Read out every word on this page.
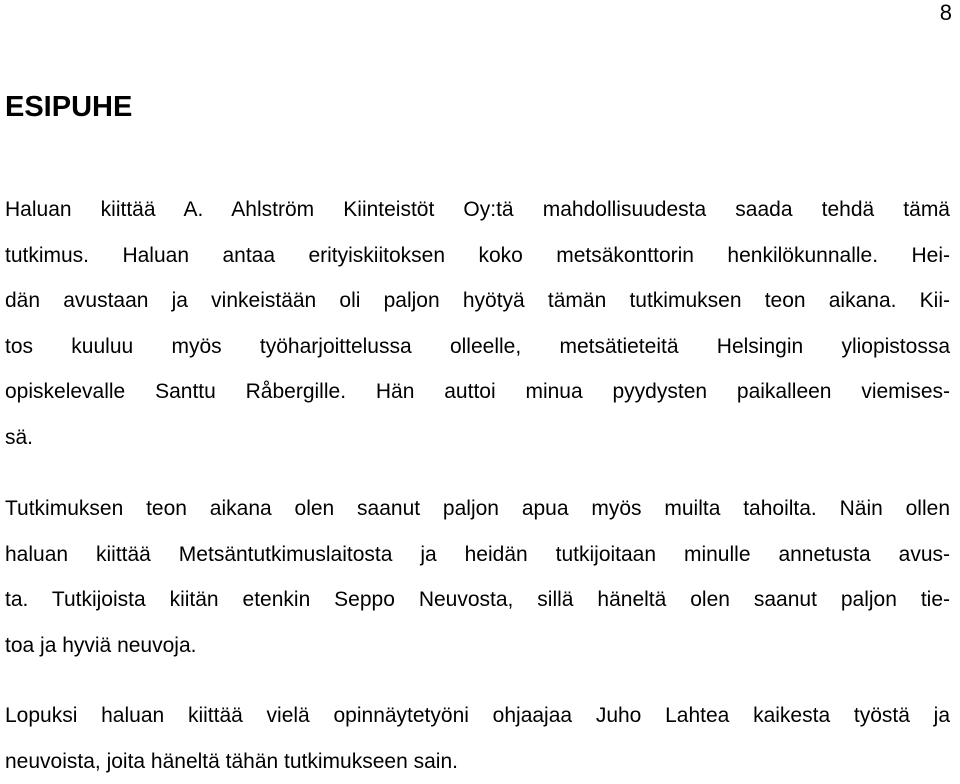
8
ESIPUHE

Haluan kiittää A. Ahlström Kiinteistöt Oy:tä mahdollisuudesta saada tehdä tämä
tutkimus. Haluan antaa erityiskiitoksen koko metsäkonttorin henkilökunnalle. Hei-
dän avustaan ja vinkeistään oli paljon hyötyä tämän tutkimuksen teon aikana. Kii-
tos kuuluu myös työharjoittelussa olleelle, metsätieteitä Helsingin yliopistossa
opiskelevalle Santtu Råbergille. Hän auttoi minua pyydysten paikalleen viemises-
sä.

Tutkimuksen teon aikana olen saanut paljon apua myös muilta tahoilta. Näin ollen
haluan kiittää Metsäntutkimuslaitosta ja heidän tutkijoitaan minulle annetusta avus-
ta. Tutkijoista kiitän etenkin Seppo Neuvosta, sillä häneltä olen saanut paljon tie-
toa ja hyviä neuvoja.

Lopuksi haluan kiittää vielä opinnäytetyöni ohjaajaa Juho Lahtea kaikesta työstä ja
neuvoista, joita häneltä tähän tutkimukseen sain.
